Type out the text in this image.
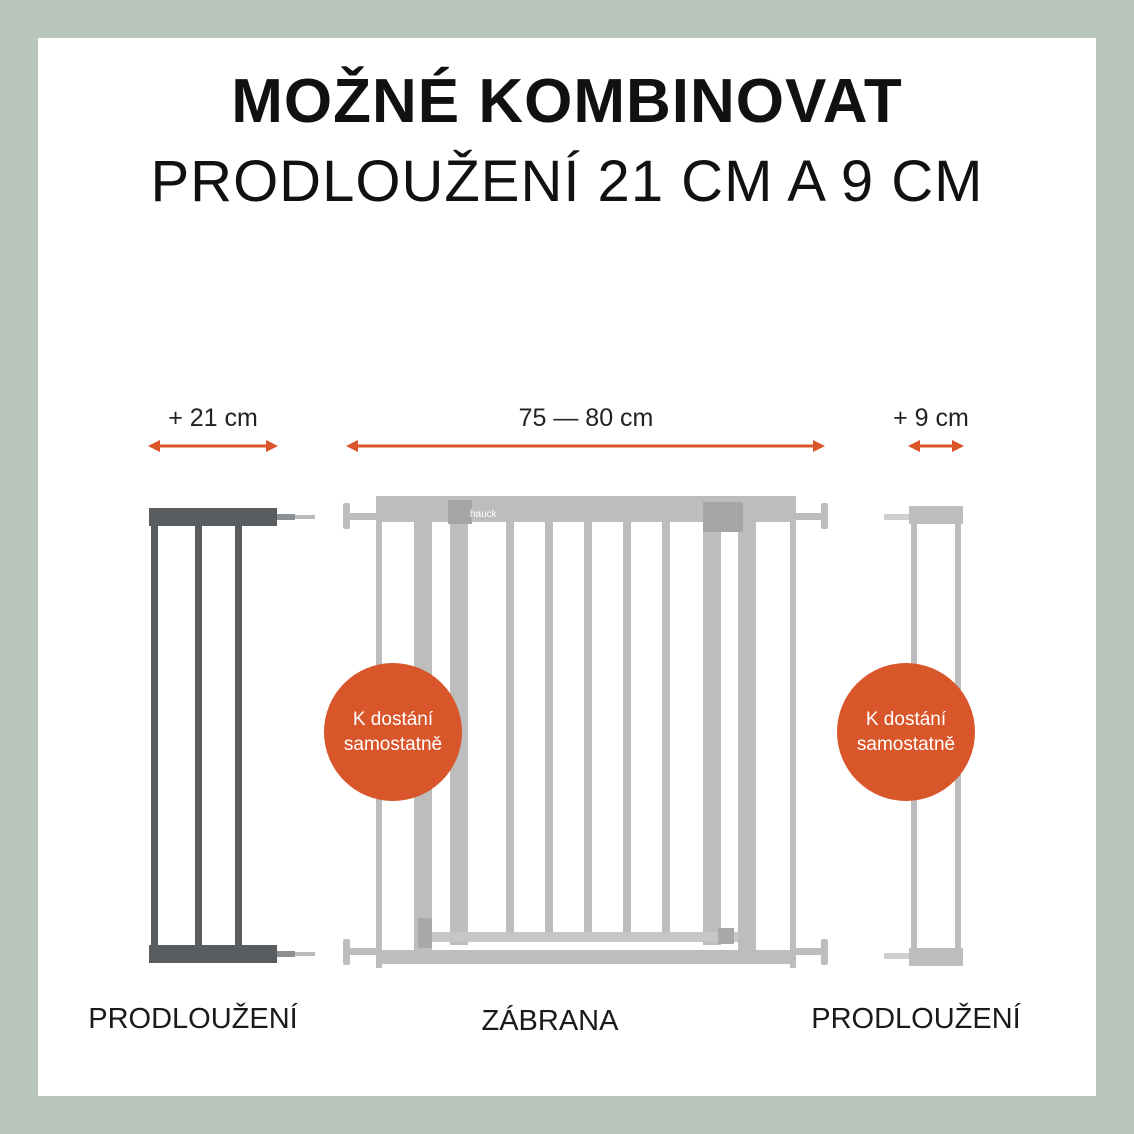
MOŽNÉ KOMBINOVAT
PRODLOUŽENÍ 21 CM A 9 CM
hauck
+ 21 cm	75 — 80 cm	+ 9 cm
K dostání
samostatně
K dostání
samostatně
PRODLOUŽENÍ	ZÁBRANA	PRODLOUŽENÍ
